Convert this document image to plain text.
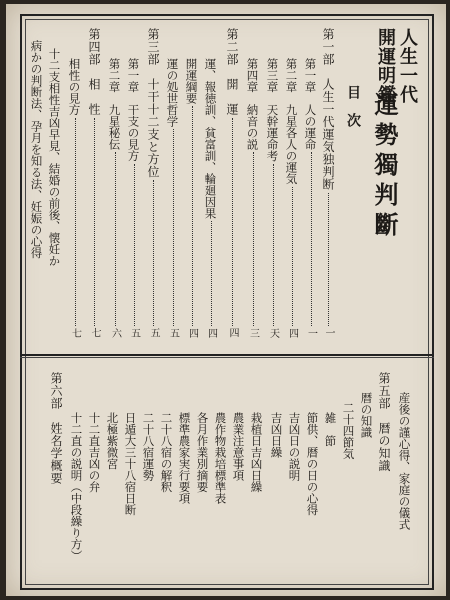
人生一代
開運明鑑
運勢獨判斷
目次
第一部　人生一代運気独判断一
第一章　人の運命一
第二章　九星各人の運気四
第三章　天幹運命考天
第四章　納音の説三
第二部　開　運四
運、報徳訓、貧富訓、輪廻因果四
開運綱要四
運の処世哲学五
第三部　十干十二支と方位五
第一章　干支の見方五
第二章　九星秘伝六
第四部　相　性七
相性の見方七
十二支相性吉凶早見、結婚の前後、懐妊か
病かの判断法、孕月を知る法、妊娠の心得
産後の謹心得、家庭の儀式
第五部　暦の知識
暦の知識
二十四節気
雑　節
節供、暦の日の心得
吉凶日の説明
吉凶日繰
栽植日吉凶日繰
農業注意事項
農作物栽培標準表
各月作業別摘要
標準農家実行要項
二十八宿の解釈
二十八宿運勢
日遁大三十八宿日断
北極紫微宮
十二直吉凶の弁
十二直の説明（中段繰り方）
第六部　姓名学概要
